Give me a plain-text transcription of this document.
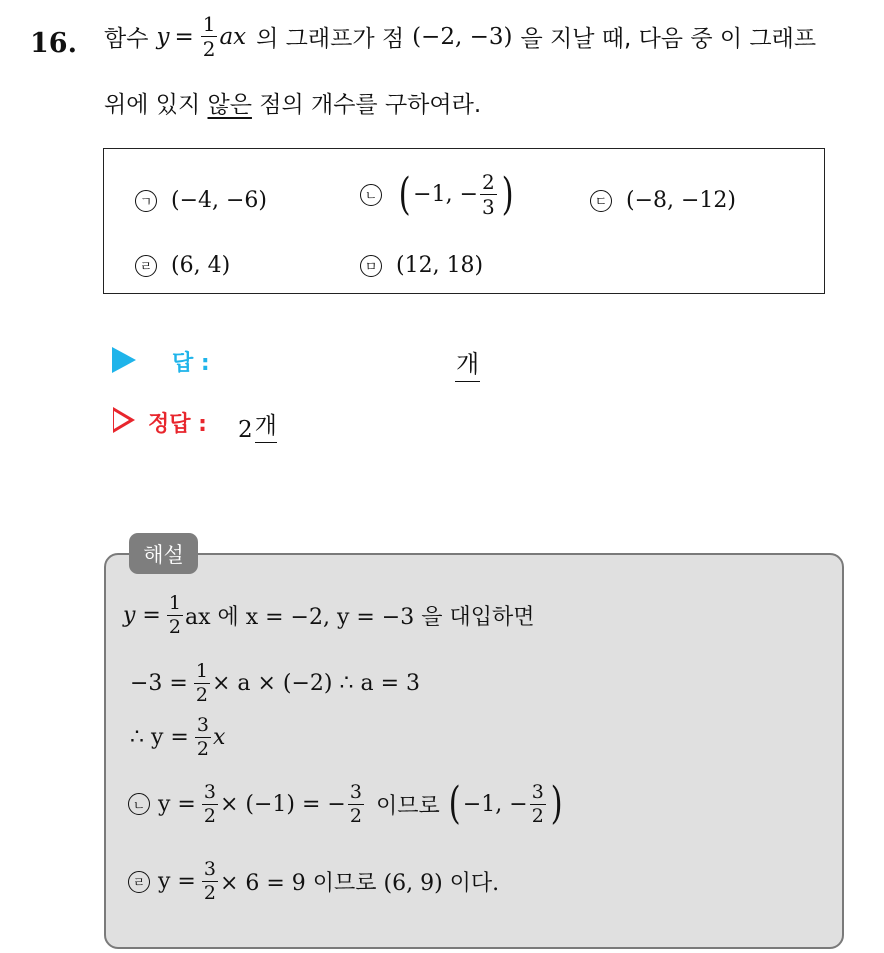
16. 함수 $y = \frac{1}{2}$ ax 의 그래프가 점 (−2, −3) 을 지날 때, 다음 중 이 그래프
위에 있지 않은 점의 개수를 구하여라.
ㄱ (−4, −6)	ㄴ ( −1, − $\frac{2}{3}$ )	ㄷ (−8, −12)
ㄹ (6, 4)	ㅁ (12, 18)
답 :	개
정답 : 2 개
해설
$y = \frac{1}{2}$ ax 에 x = −2, y = −3 을 대입하면
$-3 = \frac{1}{2} \times a \times (-2)$ ∴ a = 3
∴ $y = \frac{3}{2}$ x
ㄴ $y = \frac{3}{2} \times (-1)$ = − $\frac{3}{2}$ 이므로 ( −1, − $\frac{3}{2}$ )
ㄹ $y = \frac{3}{2} \times 6 = 9$ 이므로 (6, 9) 이다.
